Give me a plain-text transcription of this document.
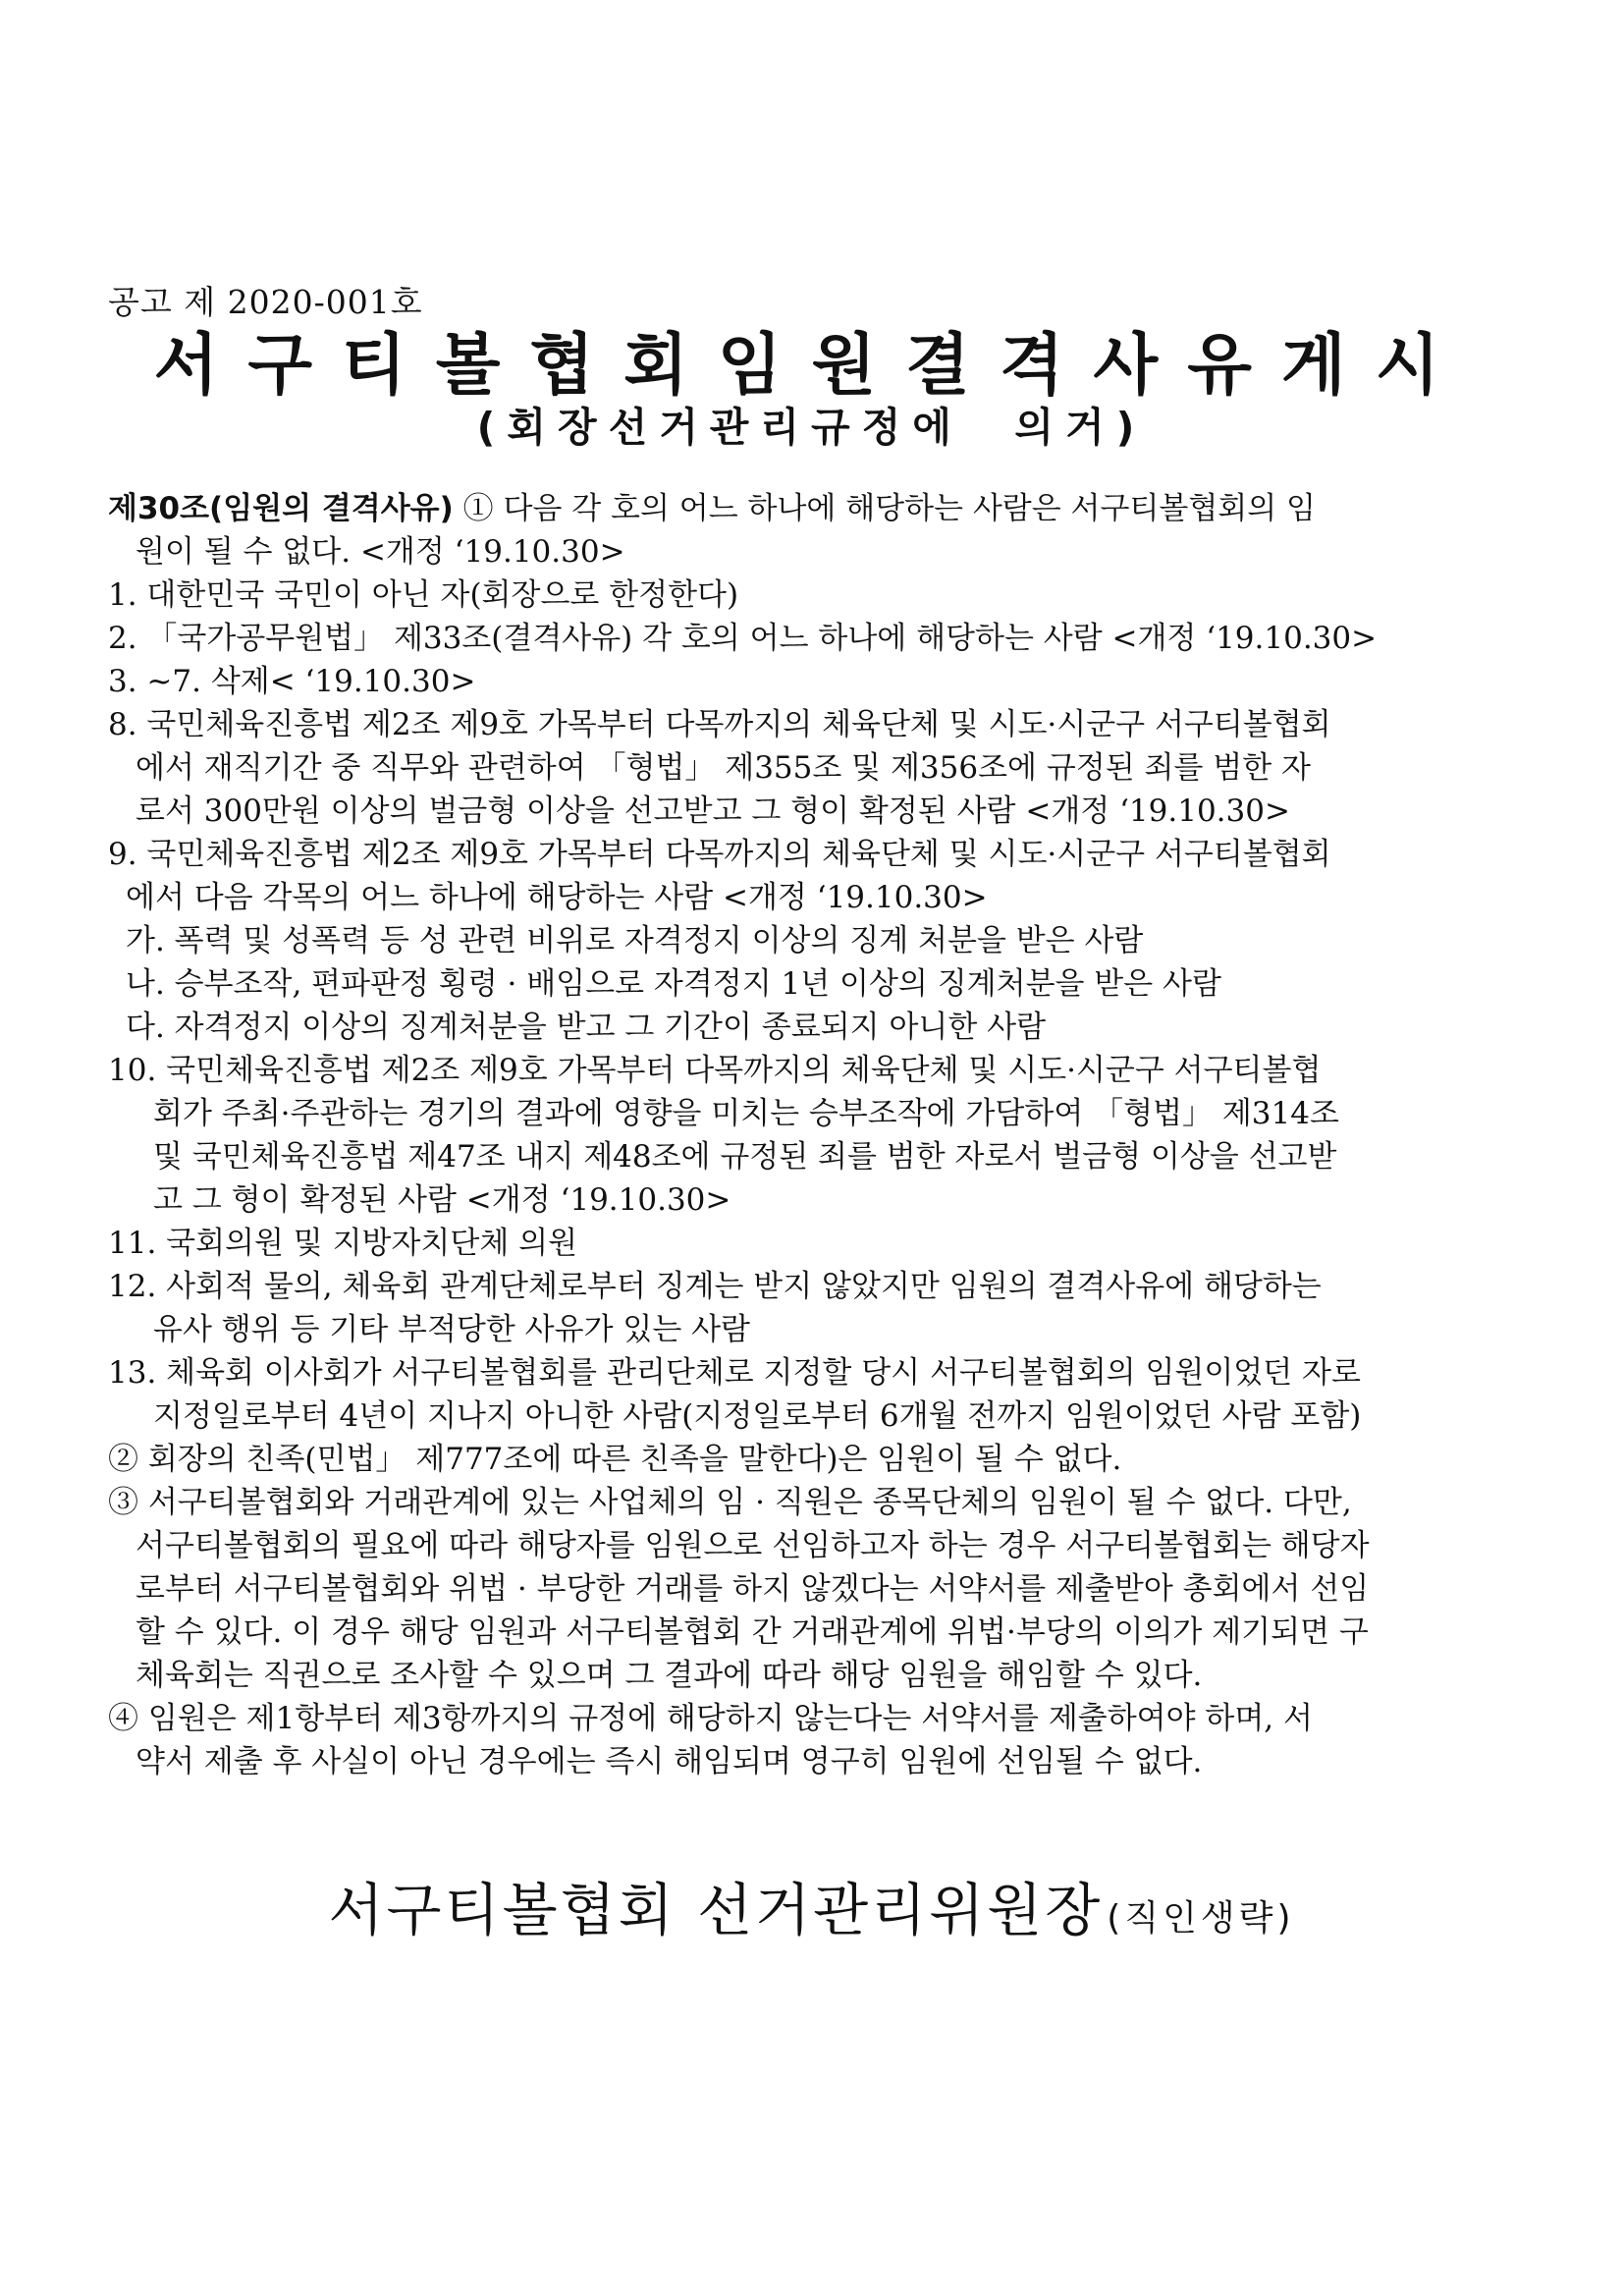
공고 제 2020-001호
서구티볼협회임원결격사유게시
(회장선거관리규정에  의거)
제30조(임원의 결격사유) ① 다음 각 호의 어느 하나에 해당하는 사람은 서구티볼협회의 임
원이 될 수 없다. <개정 ‘19.10.30>
1. 대한민국 국민이 아닌 자(회장으로 한정한다)
2. 「국가공무원법」 제33조(결격사유) 각 호의 어느 하나에 해당하는 사람 <개정 ‘19.10.30>
3. ~7. 삭제< ‘19.10.30>
8. 국민체육진흥법 제2조 제9호 가목부터 다목까지의 체육단체 및 시도·시군구 서구티볼협회
에서 재직기간 중 직무와 관련하여 「형법」 제355조 및 제356조에 규정된 죄를 범한 자
로서 300만원 이상의 벌금형 이상을 선고받고 그 형이 확정된 사람 <개정 ‘19.10.30>
9. 국민체육진흥법 제2조 제9호 가목부터 다목까지의 체육단체 및 시도·시군구 서구티볼협회
에서 다음 각목의 어느 하나에 해당하는 사람 <개정 ‘19.10.30>
가. 폭력 및 성폭력 등 성 관련 비위로 자격정지 이상의 징계 처분을 받은 사람
나. 승부조작, 편파판정 횡령 · 배임으로 자격정지 1년 이상의 징계처분을 받은 사람
다. 자격정지 이상의 징계처분을 받고 그 기간이 종료되지 아니한 사람
10. 국민체육진흥법 제2조 제9호 가목부터 다목까지의 체육단체 및 시도·시군구 서구티볼협
회가 주최·주관하는 경기의 결과에 영향을 미치는 승부조작에 가담하여 「형법」 제314조
및 국민체육진흥법 제47조 내지 제48조에 규정된 죄를 범한 자로서 벌금형 이상을 선고받
고 그 형이 확정된 사람 <개정 ‘19.10.30>
11. 국회의원 및 지방자치단체 의원
12. 사회적 물의, 체육회 관계단체로부터 징계는 받지 않았지만 임원의 결격사유에 해당하는
유사 행위 등 기타 부적당한 사유가 있는 사람
13. 체육회 이사회가 서구티볼협회를 관리단체로 지정할 당시 서구티볼협회의 임원이었던 자로
지정일로부터 4년이 지나지 아니한 사람(지정일로부터 6개월 전까지 임원이었던 사람 포함)
② 회장의 친족(민법」 제777조에 따른 친족을 말한다)은 임원이 될 수 없다.
③ 서구티볼협회와 거래관계에 있는 사업체의 임 · 직원은 종목단체의 임원이 될 수 없다. 다만,
서구티볼협회의 필요에 따라 해당자를 임원으로 선임하고자 하는 경우 서구티볼협회는 해당자
로부터 서구티볼협회와 위법 · 부당한 거래를 하지 않겠다는 서약서를 제출받아 총회에서 선임
할 수 있다. 이 경우 해당 임원과 서구티볼협회 간 거래관계에 위법·부당의 이의가 제기되면 구
체육회는 직권으로 조사할 수 있으며 그 결과에 따라 해당 임원을 해임할 수 있다.
④ 임원은 제1항부터 제3항까지의 규정에 해당하지 않는다는 서약서를 제출하여야 하며, 서
약서 제출 후 사실이 아닌 경우에는 즉시 해임되며 영구히 임원에 선임될 수 없다.
서구티볼협회 선거관리위원장 (직인생략)
